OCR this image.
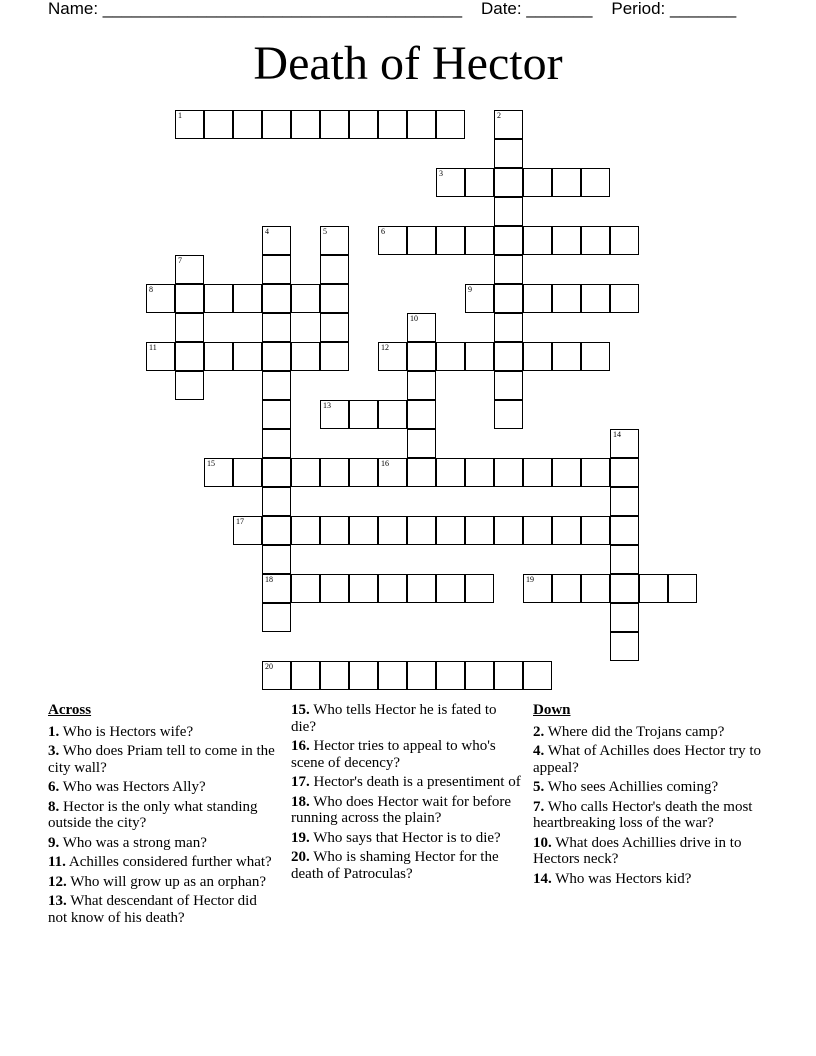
Name: ______________________________________    Date: _______    Period: _______
Death of Hector
1	2
3
4
18
5	6
7
8	9
10
11	12
13
14
15	16
17
19
20
Across
1. Who is Hectors wife?
3. Who does Priam tell to come in the city wall?
6. Who was Hectors Ally?
8. Hector is the only what standing outside the city?
9. Who was a strong man?
11. Achilles considered further what?
12. Who will grow up as an orphan?
13. What descendant of Hector did not know of his death?
15. Who tells Hector he is fated to die?
16. Hector tries to appeal to who's scene of decency?
17. Hector's death is a presentiment of
18. Who does Hector wait for before running across the plain?
19. Who says that Hector is to die?
20. Who is shaming Hector for the death of Patroculas?
Down
2. Where did the Trojans camp?
4. What of Achilles does Hector try to appeal?
5. Who sees Achillies coming?
7. Who calls Hector's death the most heartbreaking loss of the war?
10. What does Achillies drive in to Hectors neck?
14. Who was Hectors kid?
